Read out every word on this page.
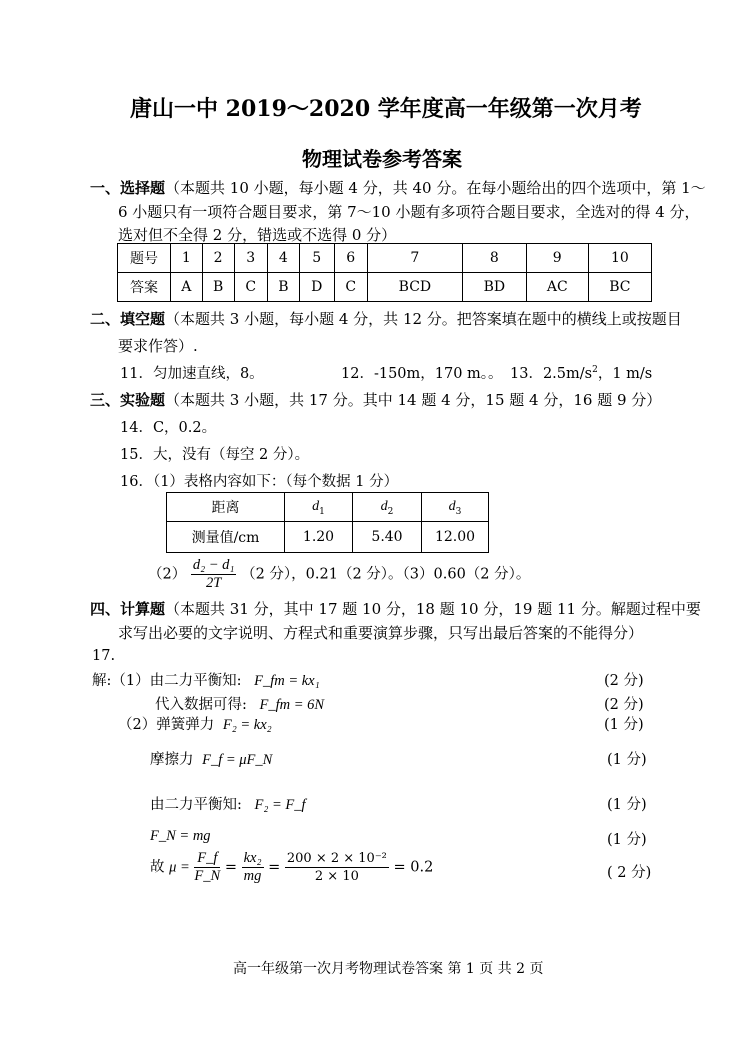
唐山一中 2019～2020 学年度高一年级第一次月考
物理试卷参考答案
一、选择题（本题共 10 小题，每小题 4 分，共 40 分。在每小题给出的四个选项中，第 1～
6 小题只有一项符合题目要求，第 7～10 小题有多项符合题目要求，全选对的得 4 分，
选对但不全得 2 分，错选或不选得 0 分）
题号	1	2	3	4	5	6	7	8	9	10
答案	A	B	C	B	D	C	BCD	BD	AC	BC
二、填空题（本题共 3 小题，每小题 4 分，共 12 分。把答案填在题中的横线上或按题目
要求作答）.
11．匀加速直线，8。	12．-150m，170 m。。 13．$2.5m/s^2$，1 m/s
三、实验题（本题共 3 小题，共 17 分。其中 14 题 4 分，15 题 4 分，16 题 9 分）
14．C，0.2。
15．大，没有（每空 2 分）。
16．（1）表格内容如下：（每个数据 1 分）
距离	$d_1$	$d_2$	$d_3$
测量值/cm	1.20	5.40	12.00
$(2) \frac{\text{d₂ − d₁}}{2T} (2$ 分），0.21（2 分）。（3）0.60（2 分）。
四、计算题（本题共 31 分，其中 17 题 10 分，18 题 10 分，19 题 11 分。解题过程中要
求写出必要的文字说明、方程式和重要演算步骤，只写出最后答案的不能得分）
17.
解:（1）由二力平衡知: F_fm = kx₁	(2 分)
代入数据可得: F_fm = 6N	(2 分)
（2）弹簧弹力 F₂ = kx₂	(1 分)
摩擦力 F_f = μF_N	(1 分)
由二力平衡知: F₂ = F_f	(1 分)
F_N = mg	(1 分)
故 $\mu = \frac{F\_f}{F\_N} = \frac{\text{kx₂}}{mg} = \frac{\text{200 × 2 × 10⁻²}}{2 \times 10} = 0.2$	( 2 分)
高一年级第一次月考物理试卷答案 第 1 页 共 2 页
